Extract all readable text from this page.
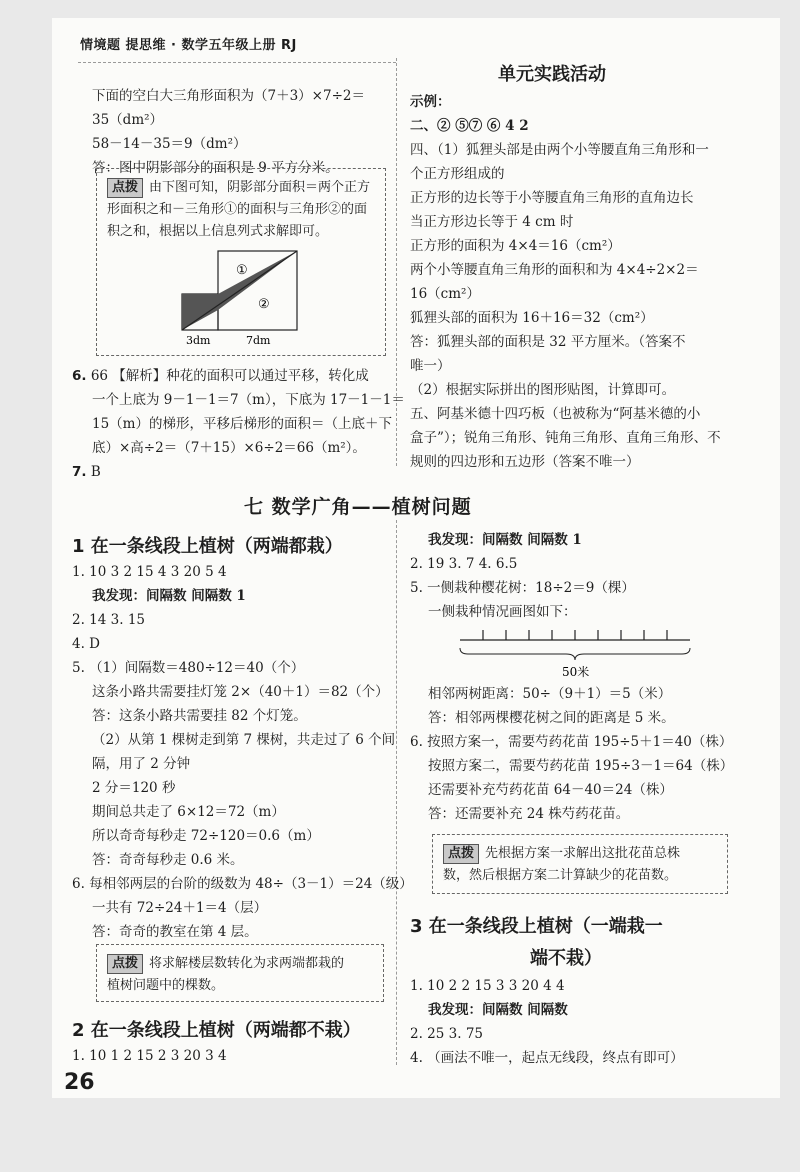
情境题 提思维 · 数学五年级上册 RJ
下面的空白大三角形面积为（7＋3）×7÷2＝
35（dm²）
58－14－35＝9（dm²）
答：图中阴影部分的面积是 9 平方分米。
点拨 由下图可知，阴影部分面积＝两个正方
形面积之和－三角形①的面积与三角形②的面
积之和，根据以上信息列式求解即可。
①
②
3dm	7dm
6. 66 【解析】种花的面积可以通过平移，转化成
一个上底为 9－1－1＝7（m），下底为 17－1－1＝
15（m）的梯形，平移后梯形的面积＝（上底＋下
底）×高÷2＝（7＋15）×6÷2＝66（m²）。
7. B
单元实践活动
示例：
二、② ⑤⑦ ⑥ 4 2
四、（1）狐狸头部是由两个小等腰直角三角形和一
个正方形组成的
正方形的边长等于小等腰直角三角形的直角边长
当正方形边长等于 4 cm 时
正方形的面积为 4×4＝16（cm²）
两个小等腰直角三角形的面积和为 4×4÷2×2＝
16（cm²）
狐狸头部的面积为 16＋16＝32（cm²）
答：狐狸头部的面积是 32 平方厘米。（答案不
唯一）
（2）根据实际拼出的图形贴图，计算即可。
五、阿基米德十四巧板（也被称为“阿基米德的小
盒子”）；锐角三角形、钝角三角形、直角三角形、不
规则的四边形和五边形（答案不唯一）
七 数学广角——植树问题
1 在一条线段上植树（两端都栽）
1. 10 3 2 15 4 3 20 5 4
我发现：间隔数 间隔数 1
2. 14 3. 15
4. D
5. （1）间隔数＝480÷12＝40（个）
这条小路共需要挂灯笼 2×（40＋1）＝82（个）
答：这条小路共需要挂 82 个灯笼。
（2）从第 1 棵树走到第 7 棵树，共走过了 6 个间
隔，用了 2 分钟
2 分＝120 秒
期间总共走了 6×12＝72（m）
所以奇奇每秒走 72÷120＝0.6（m）
答：奇奇每秒走 0.6 米。
6. 每相邻两层的台阶的级数为 48÷（3－1）＝24（级）
一共有 72÷24＋1＝4（层）
答：奇奇的教室在第 4 层。
点拨 将求解楼层数转化为求两端都栽的
植树问题中的棵数。
2 在一条线段上植树（两端都不栽）
1. 10 1 2 15 2 3 20 3 4
我发现：间隔数 间隔数 1
2. 19 3. 7 4. 6.5
5. 一侧栽种樱花树：18÷2＝9（棵）
一侧栽种情况画图如下：
50米
相邻两树距离：50÷（9＋1）＝5（米）
答：相邻两棵樱花树之间的距离是 5 米。
6. 按照方案一，需要芍药花苗 195÷5＋1＝40（株）
按照方案二，需要芍药花苗 195÷3－1＝64（株）
还需要补充芍药花苗 64－40＝24（株）
答：还需要补充 24 株芍药花苗。
点拨 先根据方案一求解出这批花苗总株
数，然后根据方案二计算缺少的花苗数。
3 在一条线段上植树（一端栽一
端不栽）
1. 10 2 2 15 3 3 20 4 4
我发现：间隔数 间隔数
2. 25 3. 75
4. （画法不唯一，起点无线段，终点有即可）
26
